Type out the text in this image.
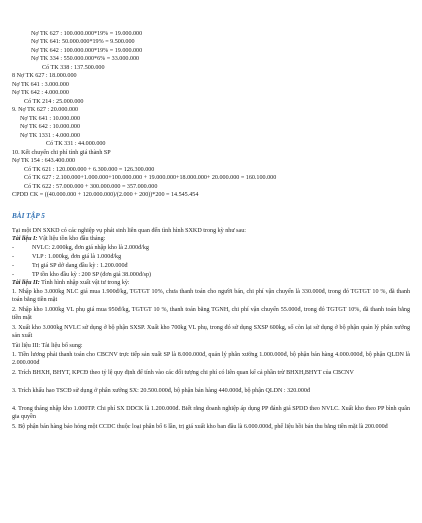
Nợ TK 627 : 100.000.000*19% = 19.000.000
Nợ TK 641: 50.000.000*19% = 9.500.000
Nợ TK 642 : 100.000.000*19% = 19.000.000
Nợ TK 334 : 550.000.000*6% = 33.000.000
Có TK 338 : 137.500.000
8 Nợ TK 627 : 18.000.000
Nợ TK 641 : 3.000.000
Nợ TK 642 : 4.000.000
Có TK 214 : 25.000.000
9. Nợ TK 627 : 20.000.000
Nợ TK 641 : 10.000.000
Nợ TK 642 : 10.000.000
Nợ TK 1331 : 4.000.000
Có TK 331 : 44.000.000
10. Kết chuyển chi phí tính giá thành SP
Nợ TK 154 : 643.400.000
Có TK 621 : 120.000.000 + 6.300.000 = 126.300.000
Có TK 627 : 2.100.000+1.000.000+100.000.000 + 19.000.000+18.000.000+ 20.000.000 = 160.100.000
Có TK 622 : 57.000.000 + 300.000.000 = 357.000.000
CPDD CK = ((40.000.000 + 120.000.000)/(2.000 + 200))*200 = 14.545.454
BÀI TẬP 5
Tại một DN SXKD có các nghiệp vụ phát sinh liên quan đến tình hình SXKD trong kỳ như sau:
Tài liệu I: Vật liệu tồn kho đầu tháng:
-	NVLC: 2.000kg, đơn giá nhập kho là 2.000đ/kg
-	VLP : 1.000kg, đơn giá là 1.000đ/kg
-	Trị giá SP dở dang đầu kỳ : 1.200.000đ
-	TP tồn kho đầu kỳ : 200 SP (đơn giá 38.000đ/sp)
Tài liệu II: Tình hình nhập xuất vật tư trong kỳ:
1. Nhập kho 3.000kg NLC giá mua 1.900đ/kg, TGTGT 10%, chưa thanh toán cho người bán, chi phí vận chuyển là 330.000đ, trong đó TGTGT 10 %, đã thanh toán bằng tiền mặt
2. Nhập kho 1.000kg VL phụ giá mua 950đ/kg, TGTGT 10 %, thanh toán bằng TGNH, chi phí vận chuyển 55.000đ, trong đó TGTGT 10%, đã thanh toán bằng tiền mặt
3. Xuất kho 3.000kg NVLC sử dụng ở bộ phận SXSP. Xuất kho 700kg VL phụ, trong đó sử dụng SXSP 600kg, số còn lại sử dụng ở bộ phận quản lý phân xưởng sản xuất
Tài liệu III: Tài liệu bổ sung:
1. Tiền lương phải thanh toán cho CBCNV trực tiếp sản xuất SP là 8.000.000đ, quản lý phân xưởng 1.000.000đ, bộ phận bán hàng 4.000.000đ, bộ phận QLDN là 2.000.000đ
2. Trích BHXH, BHYT, KPCĐ theo tỷ lệ quy định để tính vào các đối tượng chi phí có liên quan kể cả phần trừ BHXH,BHYT của CBCNV
3. Trích khấu hao TSCĐ sử dụng ở phân xưởng SX: 20.500.000đ, bộ phận bán hàng 440.000đ, bộ phận QLDN : 320.000đ
4. Trong tháng nhập kho 1.000TP. Chi phí SX DDCK là 1.200.000đ. Biết rằng doanh nghiệp áp dụng PP đánh giá SPDD theo NVLC. Xuất kho theo PP bình quân gia quyền
5. Bộ phận bán hàng báo hỏng một CCDC thuộc loại phân bổ 6 lần, trị giá xuất kho ban đầu là 6.000.000đ, phế liệu hồi bán thu bằng tiền mặt là 200.000đ
